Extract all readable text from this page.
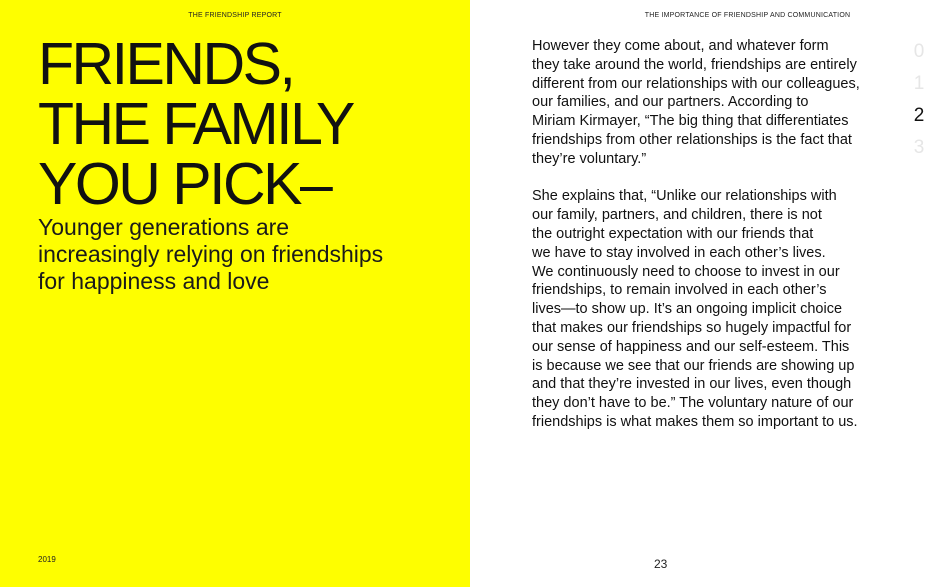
THE FRIENDSHIP REPORT
FRIENDS,
THE FAMILY
YOU PICK–
Younger generations are
increasingly relying on friendships
for happiness and love
2019
THE IMPORTANCE OF FRIENDSHIP AND COMMUNICATION

However they come about, and whatever form
they take around the world, friendships are entirely
different from our relationships with our colleagues,
our families, and our partners. According to
Miriam Kirmayer, “The big thing that differentiates
friendships from other relationships is the fact that
they’re voluntary.”

She explains that, “Unlike our relationships with
our family, partners, and children, there is not
the outright expectation with our friends that
we have to stay involved in each other’s lives.
We continuously need to choose to invest in our
friendships, to remain involved in each other’s
lives—to show up. It’s an ongoing implicit choice
that makes our friendships so hugely impactful for
our sense of happiness and our self-esteem. This
is because we see that our friends are showing up
and that they’re invested in our lives, even though
they don’t have to be.” The voluntary nature of our
friendships is what makes them so important to us.

0
1
2
3
23
